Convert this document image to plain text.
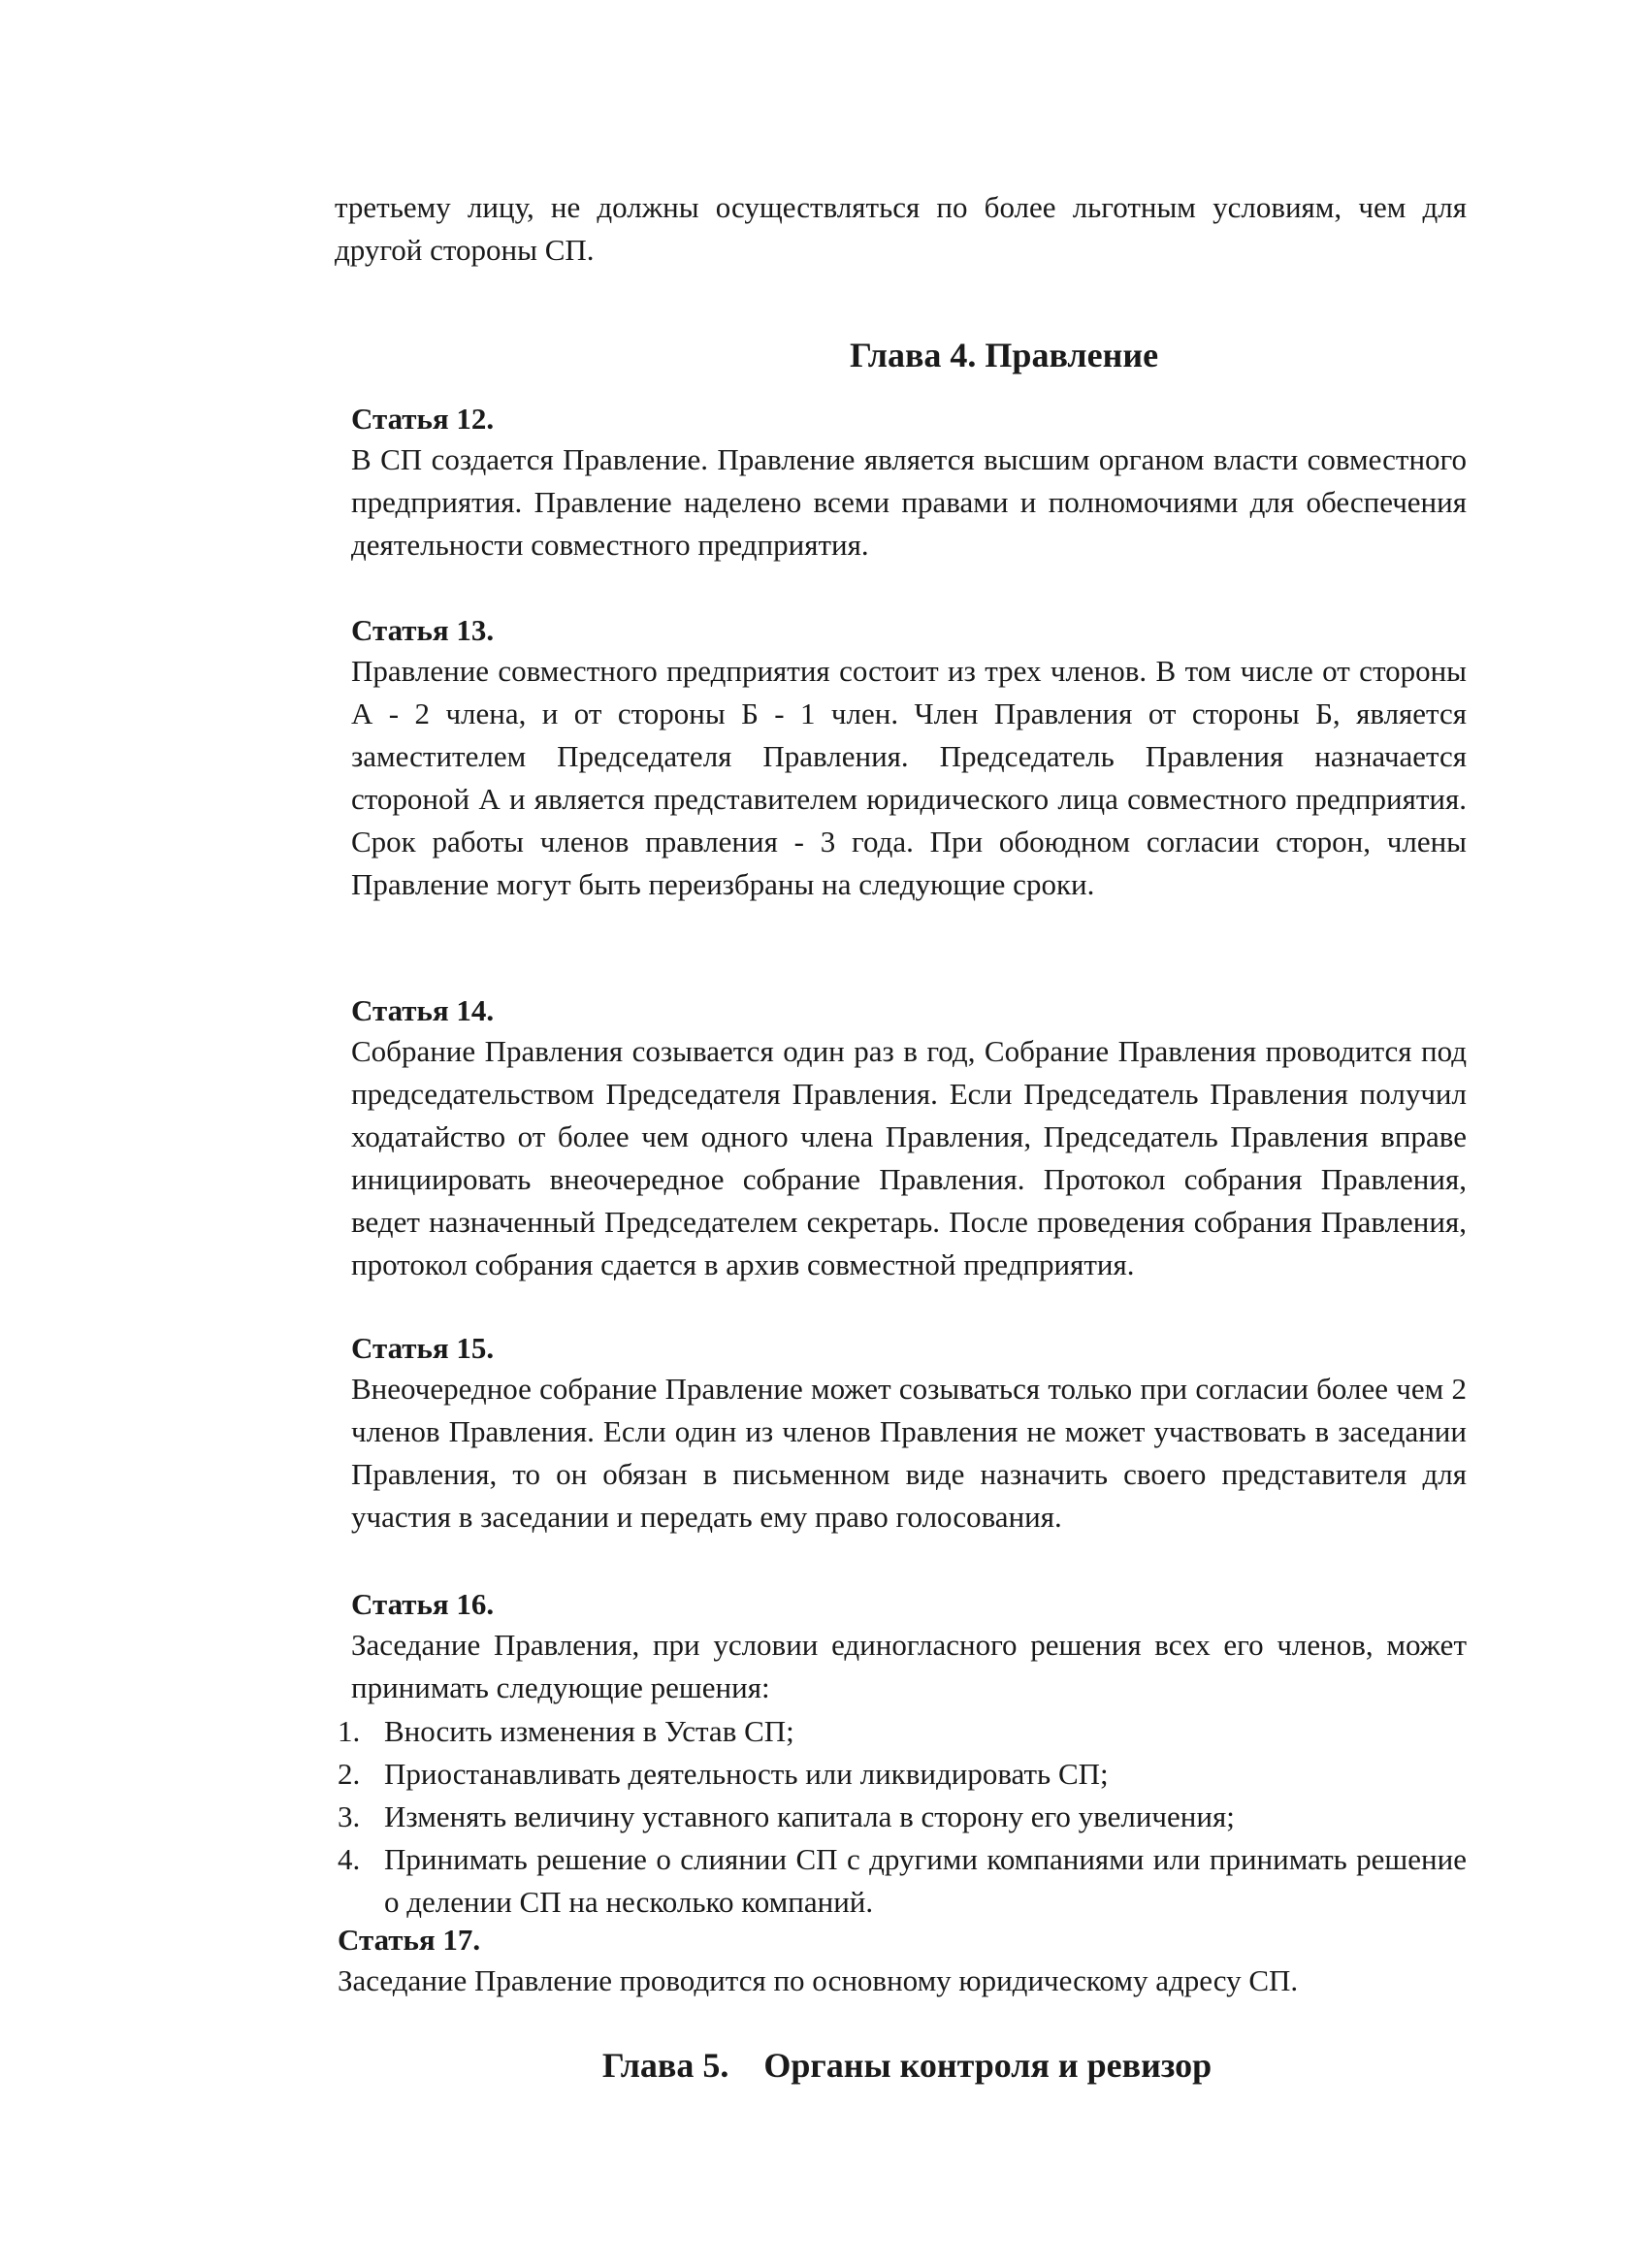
третьему лицу, не должны осуществляться по более льготным условиям, чем для другой стороны СП.

Глава 4. Правление

Статья 12.

В СП создается Правление. Правление является высшим органом власти совместного предприятия. Правление наделено всеми правами и полномочиями для обеспечения деятельности совместного предприятия.

Статья 13.

Правление совместного предприятия состоит из трех членов. В том числе от стороны А - 2 члена, и от стороны Б - 1 член. Член Правления от стороны Б, является заместителем Председателя Правления. Председатель Правления назначается стороной А и является представителем юридического лица совместного предприятия. Срок работы членов правления - 3 года. При обоюдном согласии сторон, члены Правление могут быть переизбраны на следующие сроки.

Статья 14.

Собрание Правления созывается один раз в год, Собрание Правления проводится под председательством Председателя Правления. Если Председатель Правления получил ходатайство от более чем одного члена Правления, Председатель Правления вправе инициировать внеочередное собрание Правления. Протокол собрания Правления, ведет назначенный Председателем секретарь. После проведения собрания Правления, протокол собрания сдается в архив совместной предприятия.

Статья 15.

Внеочередное собрание Правление может созываться только при согласии более чем 2 членов Правления. Если один из членов Правления не может участвовать в заседании Правления, то он обязан в письменном виде назначить своего представителя для участия в заседании и передать ему право голосования.

Статья 16.

Заседание Правления, при условии единогласного решения всех его членов, может принимать следующие решения:

1. Вносить изменения в Устав СП;
2. Приостанавливать деятельность или ликвидировать СП;
3. Изменять величину уставного капитала в сторону его увеличения;
4. Принимать решение о слиянии СП с другими компаниями или принимать решение о делении СП на несколько компаний.

Статья 17.

Заседание Правление проводится по основному юридическому адресу СП.

Глава 5.    Органы контроля и ревизор
